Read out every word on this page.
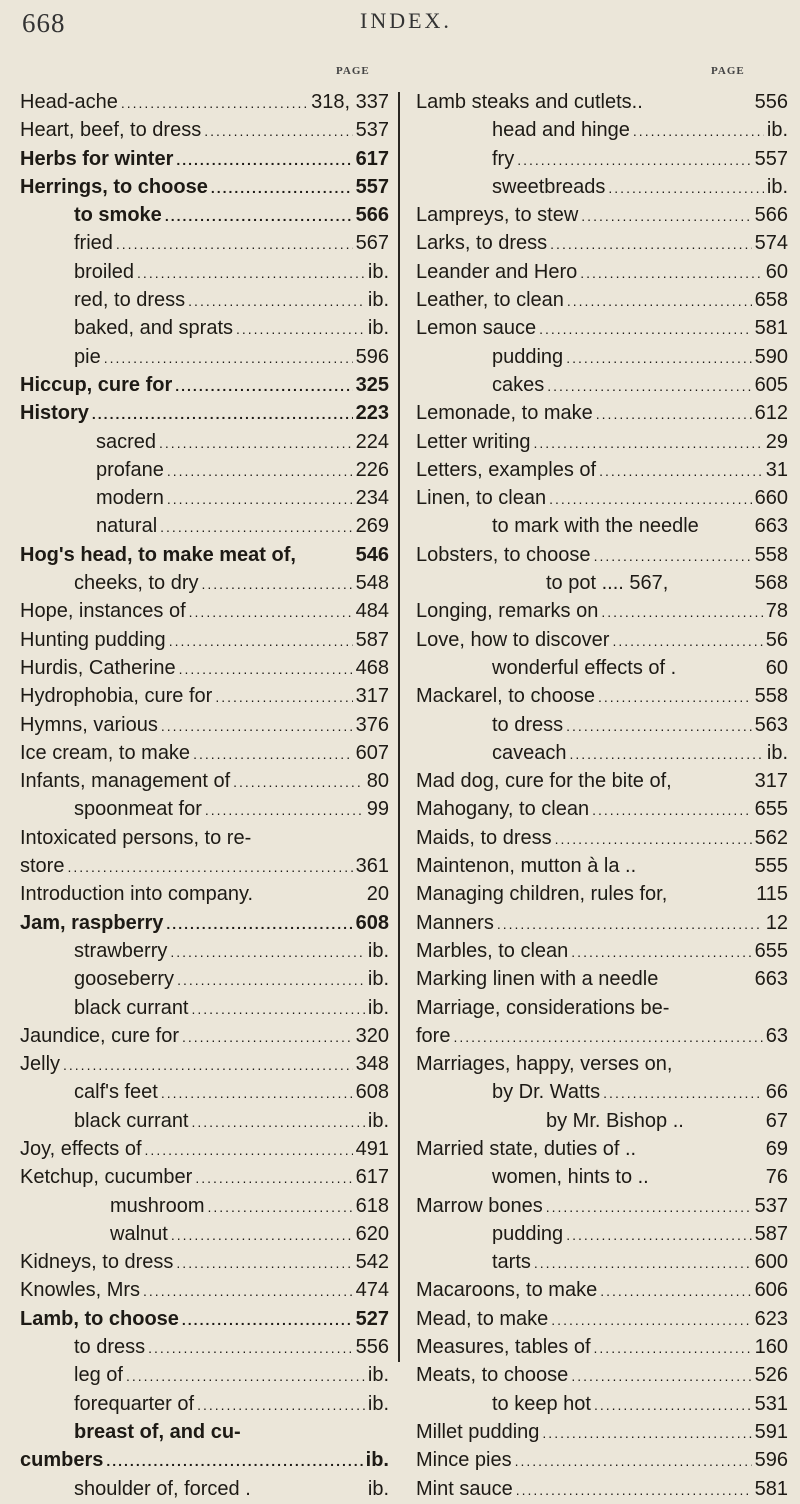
668	INDEX.
PAGE	PAGE
Head-ache .....	318, 337
Heart, beef, to dress .....	537
Herbs for winter .....	617
Herrings, to choose .....	557
to smoke .....	566
fried .....	567
broiled .....	ib.
red, to dress .....	ib.
baked, and sprats .....	ib.
pie .....	596
Hiccup, cure for .....	325
History .....	223
sacred .....	224
profane .....	226
modern .....	234
natural .....	269
Hog's head, to make meat of,	546
cheeks, to dry .....	548
Hope, instances of .....	484
Hunting pudding .....	587
Hurdis, Catherine .....	468
Hydrophobia, cure for .....	317
Hymns, various .....	376
Ice cream, to make .....	607
Infants, management of .....	80
spoonmeat for .....	99
Intoxicated persons, to re-
store .....	361
Introduction into company.	20
Jam, raspberry .....	608
strawberry .....	ib.
gooseberry .....	ib.
black currant .....	ib.
Jaundice, cure for .....	320
Jelly .....	348
calf's feet .....	608
black currant .....	ib.
Joy, effects of .....	491
Ketchup, cucumber .....	617
mushroom .....	618
walnut .....	620
Kidneys, to dress .....	542
Knowles, Mrs .....	474
Lamb, to choose .....	527
to dress .....	556
leg of .....	ib.
forequarter of .....	ib.
breast of, and cu-
cumbers .....	ib.
shoulder of, forced .	ib.
Lamb steaks and cutlets..	556
head and hinge .....	ib.
fry .....	557
sweetbreads .....	ib.
Lampreys, to stew .....	566
Larks, to dress .....	574
Leander and Hero .....	60
Leather, to clean .....	658
Lemon sauce .....	581
pudding .....	590
cakes .....	605
Lemonade, to make .....	612
Letter writing .....	29
Letters, examples of .....	31
Linen, to clean .....	660
to mark with the needle	663
Lobsters, to choose .....	558
to pot .... 567,	568
Longing, remarks on .....	78
Love, how to discover .....	56
wonderful effects of .	60
Mackarel, to choose .....	558
to dress .....	563
caveach .....	ib.
Mad dog, cure for the bite of,	317
Mahogany, to clean .....	655
Maids, to dress .....	562
Maintenon, mutton à la ..	555
Managing children, rules for,	115
Manners .....	12
Marbles, to clean .....	655
Marking linen with a needle	663
Marriage, considerations be-
fore .....	63
Marriages, happy, verses on,
by Dr. Watts .....	66
by Mr. Bishop ..	67
Married state, duties of ..	69
women, hints to ..	76
Marrow bones .....	537
pudding .....	587
tarts .....	600
Macaroons, to make .....	606
Mead, to make .....	623
Measures, tables of .....	160
Meats, to choose .....	526
to keep hot .....	531
Millet pudding .....	591
Mince pies .....	596
Mint sauce .....	581
